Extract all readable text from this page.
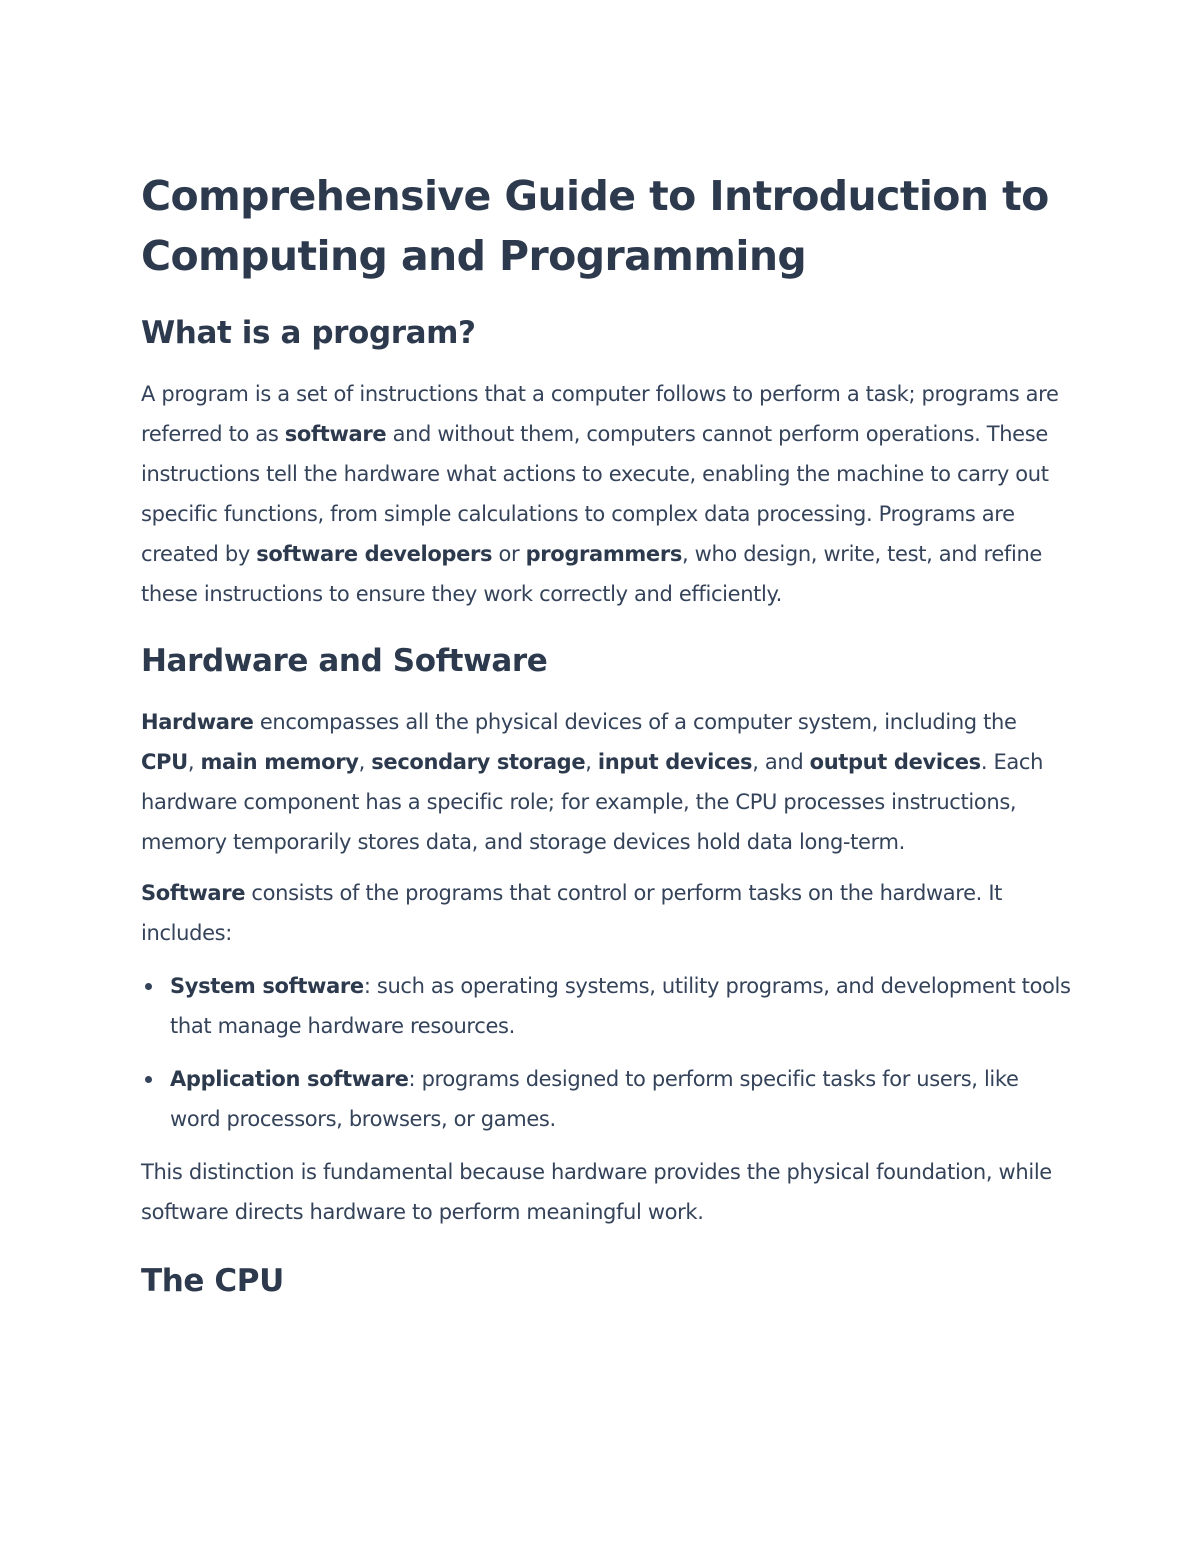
Comprehensive Guide to Introduction to Computing and Programming
What is a program?

A program is a set of instructions that a computer follows to perform a task; programs are referred to as software and without them, computers cannot perform operations. These instructions tell the hardware what actions to execute, enabling the machine to carry out specific functions, from simple calculations to complex data processing. Programs are created by software developers or programmers, who design, write, test, and refine these instructions to ensure they work correctly and efficiently.

Hardware and Software

Hardware encompasses all the physical devices of a computer system, including the CPU, main memory, secondary storage, input devices, and output devices. Each hardware component has a specific role; for example, the CPU processes instructions, memory temporarily stores data, and storage devices hold data long-term.

Software consists of the programs that control or perform tasks on the hardware. It includes:

System software: such as operating systems, utility programs, and development tools that manage hardware resources.
Application software: programs designed to perform specific tasks for users, like word processors, browsers, or games.

This distinction is fundamental because hardware provides the physical foundation, while software directs hardware to perform meaningful work.

The CPU
